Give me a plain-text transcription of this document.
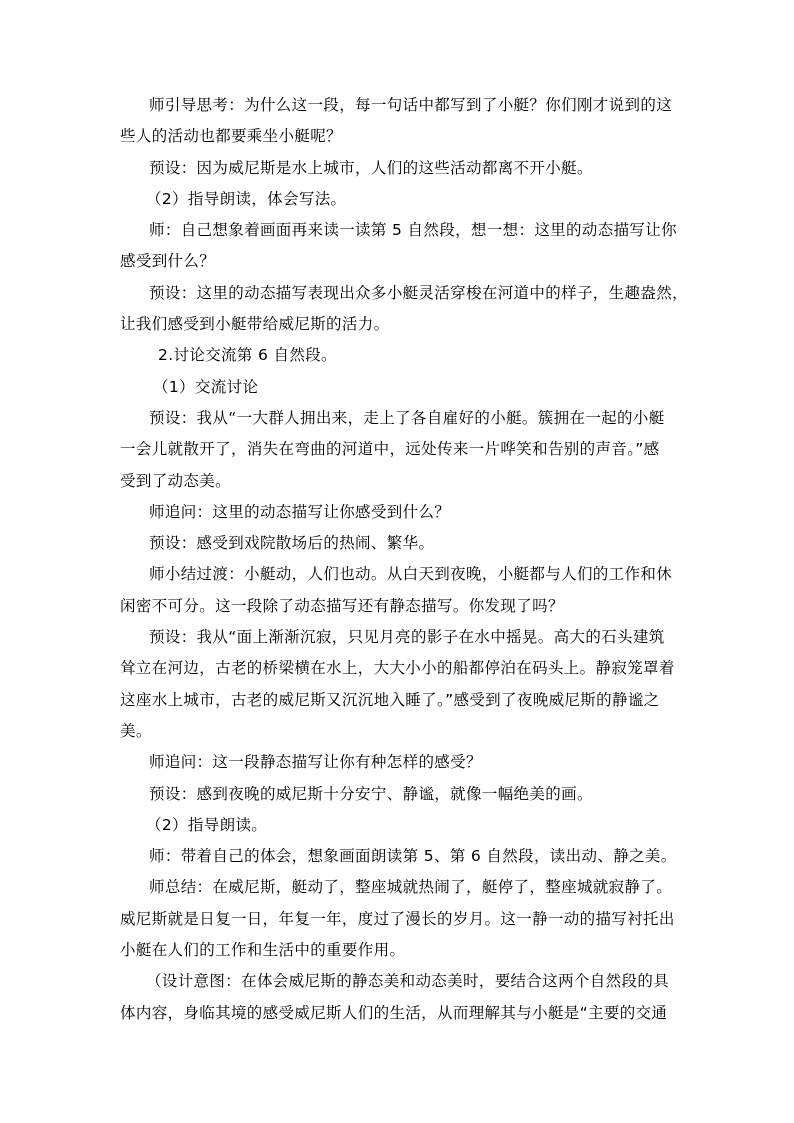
师引导思考：为什么这一段，每一句话中都写到了小艇？你们刚才说到的这
些人的活动也都要乘坐小艇呢？
预设：因为威尼斯是水上城市，人们的这些活动都离不开小艇。
（2）指导朗读，体会写法。
师：自己想象着画面再来读一读第 5 自然段，想一想：这里的动态描写让你
感受到什么？
预设：这里的动态描写表现出众多小艇灵活穿梭在河道中的样子，生趣盎然，
让我们感受到小艇带给威尼斯的活力。
2.讨论交流第 6 自然段。
（1）交流讨论
预设：我从“一大群人拥出来，走上了各自雇好的小艇。簇拥在一起的小艇
一会儿就散开了，消失在弯曲的河道中，远处传来一片哗笑和告别的声音。”感
受到了动态美。
师追问：这里的动态描写让你感受到什么？
预设：感受到戏院散场后的热闹、繁华。
师小结过渡：小艇动，人们也动。从白天到夜晚，小艇都与人们的工作和休
闲密不可分。这一段除了动态描写还有静态描写。你发现了吗？
预设：我从“面上渐渐沉寂，只见月亮的影子在水中摇晃。高大的石头建筑
耸立在河边，古老的桥梁横在水上，大大小小的船都停泊在码头上。静寂笼罩着
这座水上城市，古老的威尼斯又沉沉地入睡了。”感受到了夜晚威尼斯的静谧之
美。
师追问：这一段静态描写让你有种怎样的感受？
预设：感到夜晚的威尼斯十分安宁、静谧，就像一幅绝美的画。
（2）指导朗读。
师：带着自己的体会，想象画面朗读第 5、第 6 自然段，读出动、静之美。
师总结：在威尼斯，艇动了，整座城就热闹了，艇停了，整座城就寂静了。
威尼斯就是日复一日，年复一年，度过了漫长的岁月。这一静一动的描写衬托出
小艇在人们的工作和生活中的重要作用。
（设计意图：在体会威尼斯的静态美和动态美时，要结合这两个自然段的具
体内容，身临其境的感受威尼斯人们的生活，从而理解其与小艇是“主要的交通
